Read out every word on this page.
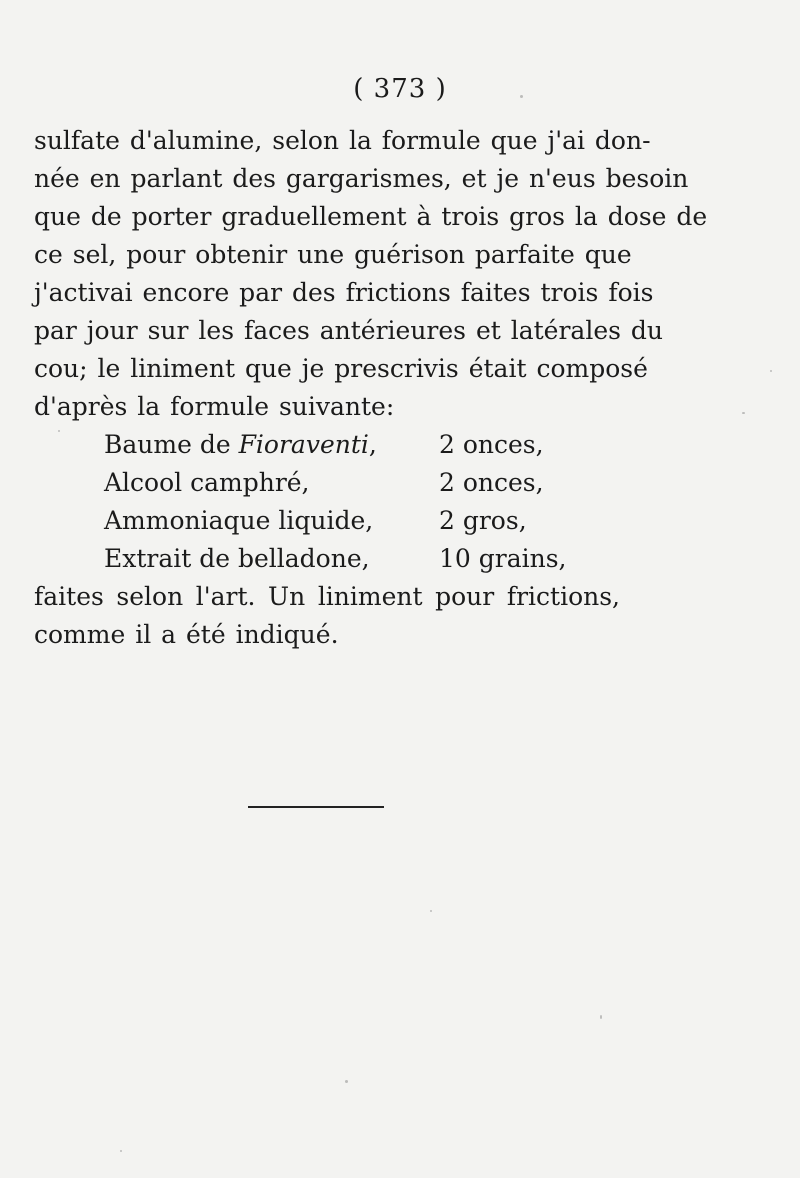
( 373 )
sulfate d'alumine, selon la formule que j'ai don-
née en parlant des gargarismes, et je n'eus besoin
que de porter graduellement à trois gros la dose de
ce sel, pour obtenir une guérison parfaite que
j'activai encore par des frictions faites trois fois
par jour sur les faces antérieures et latérales du
cou; le liniment que je prescrivis était composé
d'après la formule suivante:
Baume de Fioraventi, 2 onces,
Alcool camphré,	2 onces,
Ammoniaque liquide,	2 gros,
Extrait de belladone,	10 grains,
faites selon l'art. Un liniment pour frictions,
comme il a été indiqué.
